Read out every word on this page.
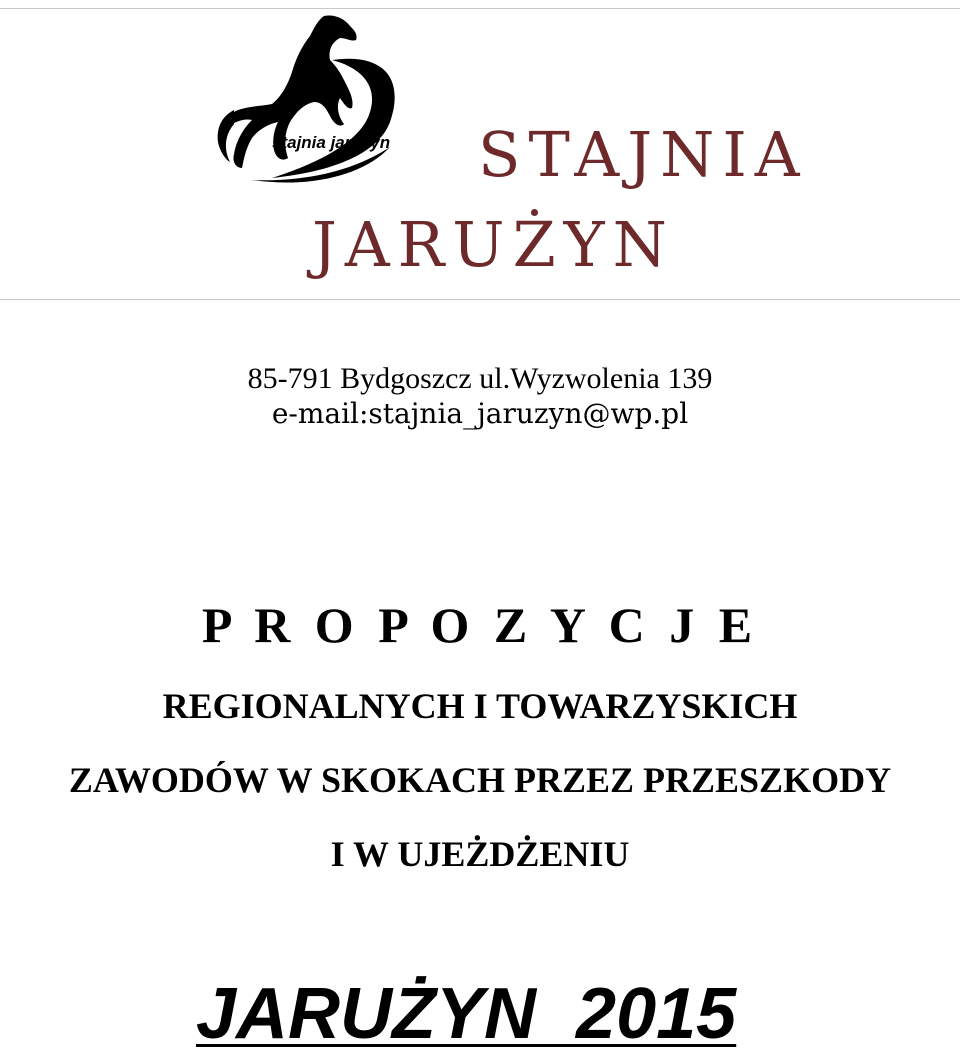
stajnia jarużyn STAJNIA
JARUŻYN
85-791 Bydgoszcz ul.Wyzwolenia 139
e-mail:stajnia_jaruzyn@wp.pl
P R O P O Z Y C J E
REGIONALNYCH I TOWARZYSKICH
ZAWODÓW W SKOKACH PRZEZ PRZESZKODY
I W UJEŻDŻENIU
JARUŻYN  2015
